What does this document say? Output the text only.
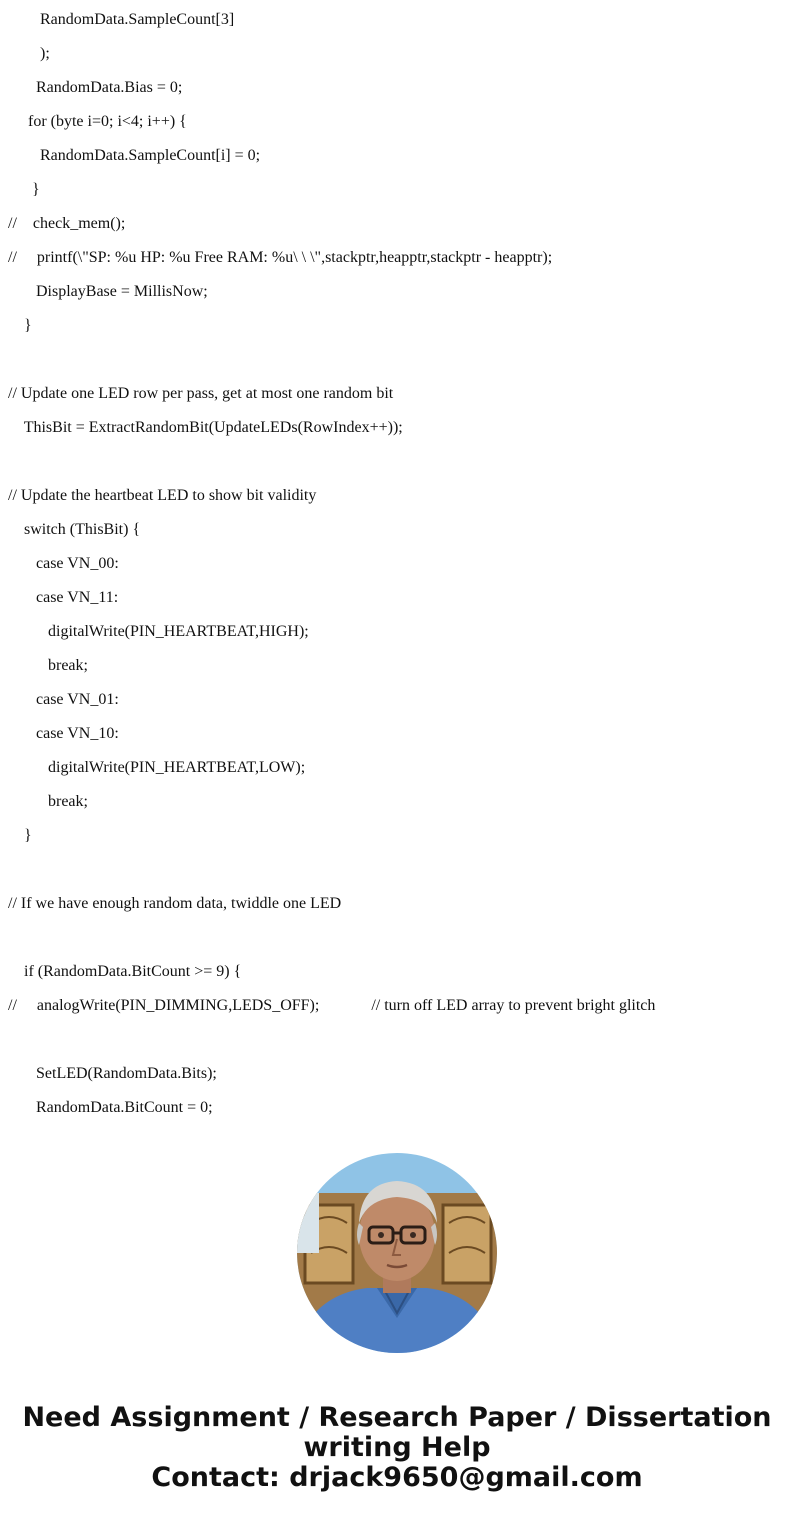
RandomData.SampleCount[3]
);
RandomData.Bias = 0;
for (byte i=0; i<4; i++) {
RandomData.SampleCount[i] = 0;
}
//    check_mem();
//     printf(\"SP: %u HP: %u Free RAM: %u\ \ \",stackptr,heapptr,stackptr - heapptr);
DisplayBase = MillisNow;
}
// Update one LED row per pass, get at most one random bit
ThisBit = ExtractRandomBit(UpdateLEDs(RowIndex++));
// Update the heartbeat LED to show bit validity
switch (ThisBit) {
case VN_00:
case VN_11:
digitalWrite(PIN_HEARTBEAT,HIGH);
break;
case VN_01:
case VN_10:
digitalWrite(PIN_HEARTBEAT,LOW);
break;
}
// If we have enough random data, twiddle one LED
if (RandomData.BitCount >= 9) {
//     analogWrite(PIN_DIMMING,LEDS_OFF);             // turn off LED array to prevent bright glitch
SetLED(RandomData.Bits);
RandomData.BitCount = 0;
Need Assignment / Research Paper / Dissertation
writing Help
Contact: drjack9650@gmail.com
